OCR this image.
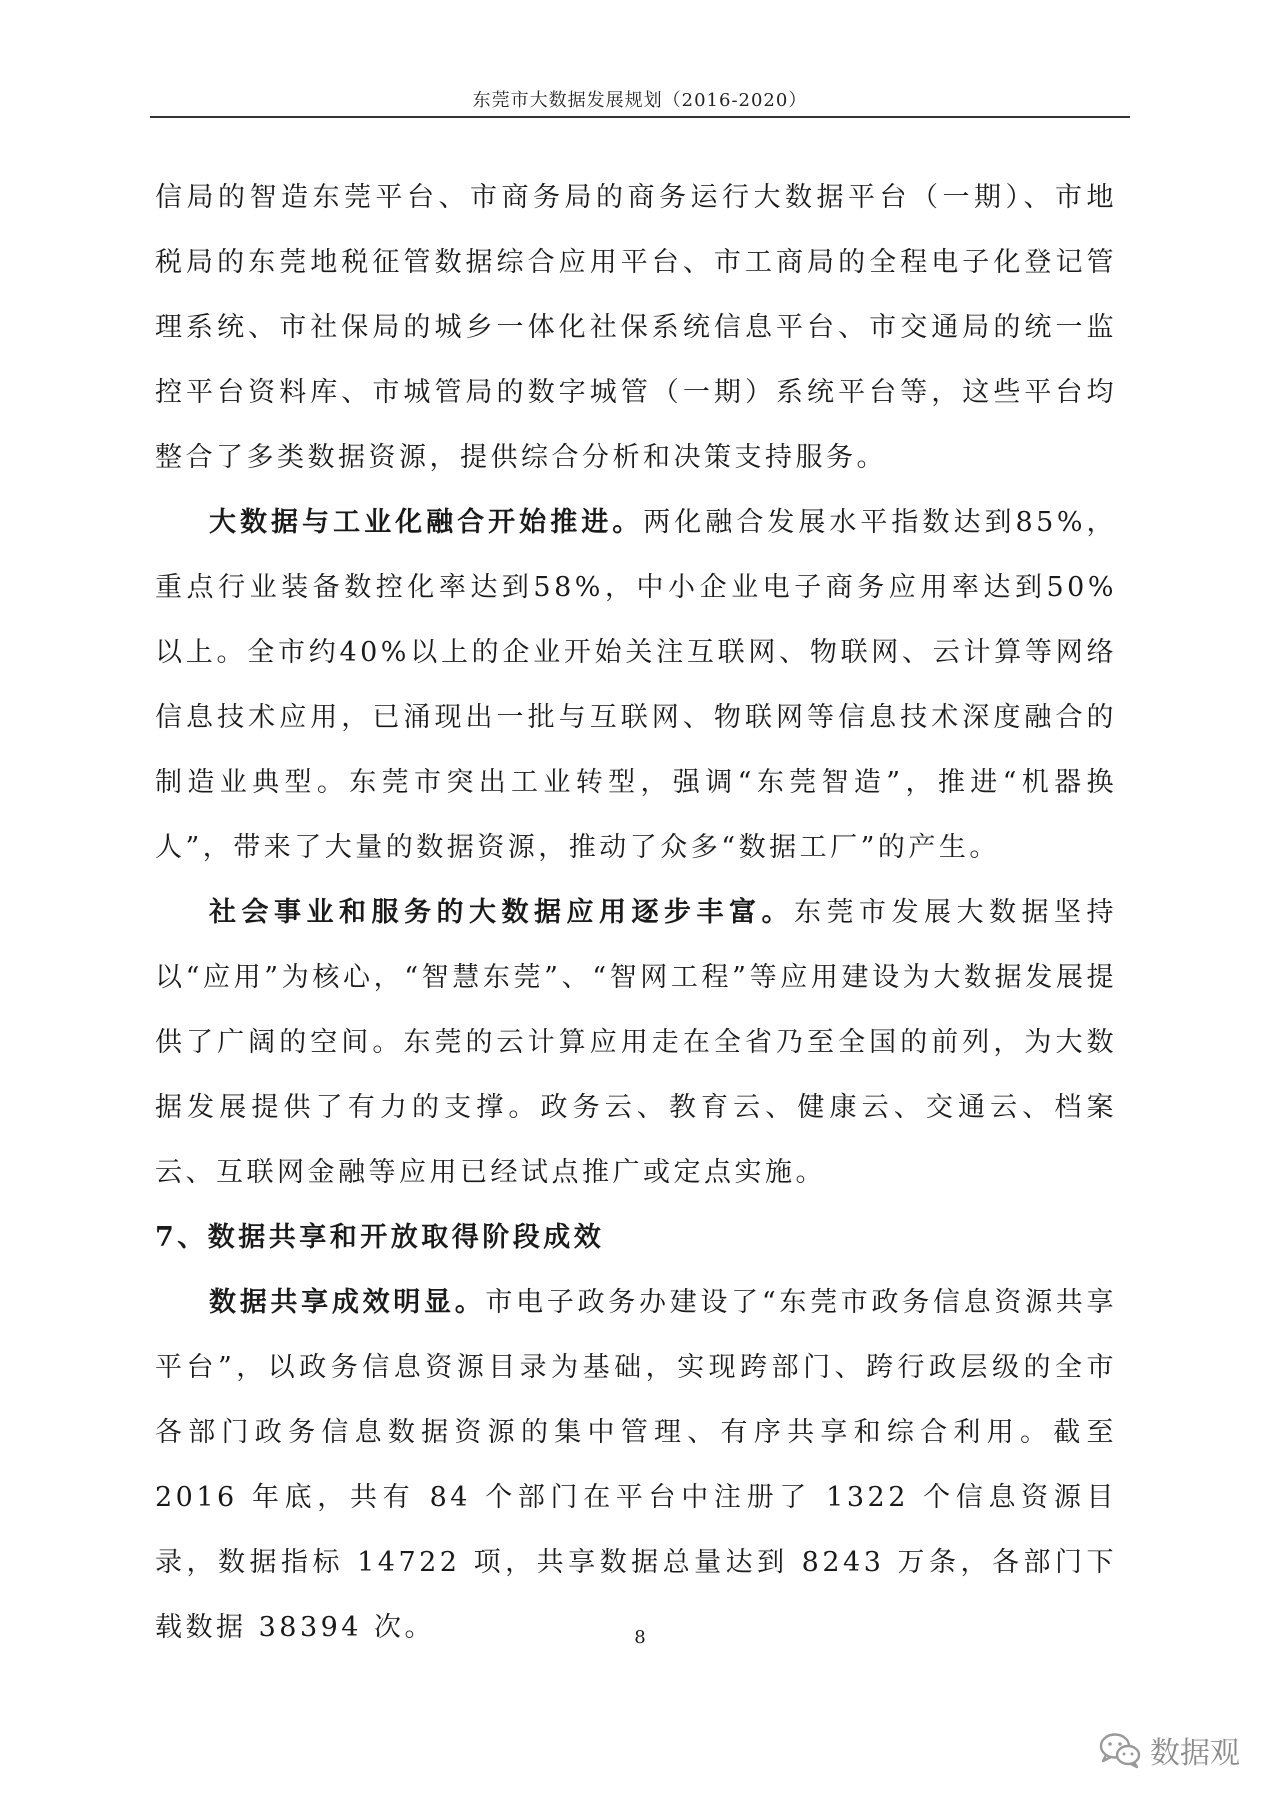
东莞市大数据发展规划（2016-2020）

信局的智造东莞平台、市商务局的商务运行大数据平台（一期）、市地税局的东莞地税征管数据综合应用平台、市工商局的全程电子化登记管理系统、市社保局的城乡一体化社保系统信息平台、市交通局的统一监控平台资料库、市城管局的数字城管（一期）系统平台等，这些平台均整合了多类数据资源，提供综合分析和决策支持服务。

大数据与工业化融合开始推进。两化融合发展水平指数达到85%，重点行业装备数控化率达到58%，中小企业电子商务应用率达到50%以上。全市约40%以上的企业开始关注互联网、物联网、云计算等网络信息技术应用，已涌现出一批与互联网、物联网等信息技术深度融合的制造业典型。东莞市突出工业转型，强调“东莞智造”，推进“机器换人”，带来了大量的数据资源，推动了众多“数据工厂”的产生。

社会事业和服务的大数据应用逐步丰富。东莞市发展大数据坚持以“应用”为核心，“智慧东莞”、“智网工程”等应用建设为大数据发展提供了广阔的空间。东莞的云计算应用走在全省乃至全国的前列，为大数据发展提供了有力的支撑。政务云、教育云、健康云、交通云、档案云、互联网金融等应用已经试点推广或定点实施。

7、数据共享和开放取得阶段成效

数据共享成效明显。市电子政务办建设了“东莞市政务信息资源共享平台”，以政务信息资源目录为基础，实现跨部门、跨行政层级的全市各部门政务信息数据资源的集中管理、有序共享和综合利用。截至 2016 年底，共有 84 个部门在平台中注册了 1322 个信息资源目录，数据指标 14722 项，共享数据总量达到 8243 万条，各部门下载数据 38394 次。	8
数据观
